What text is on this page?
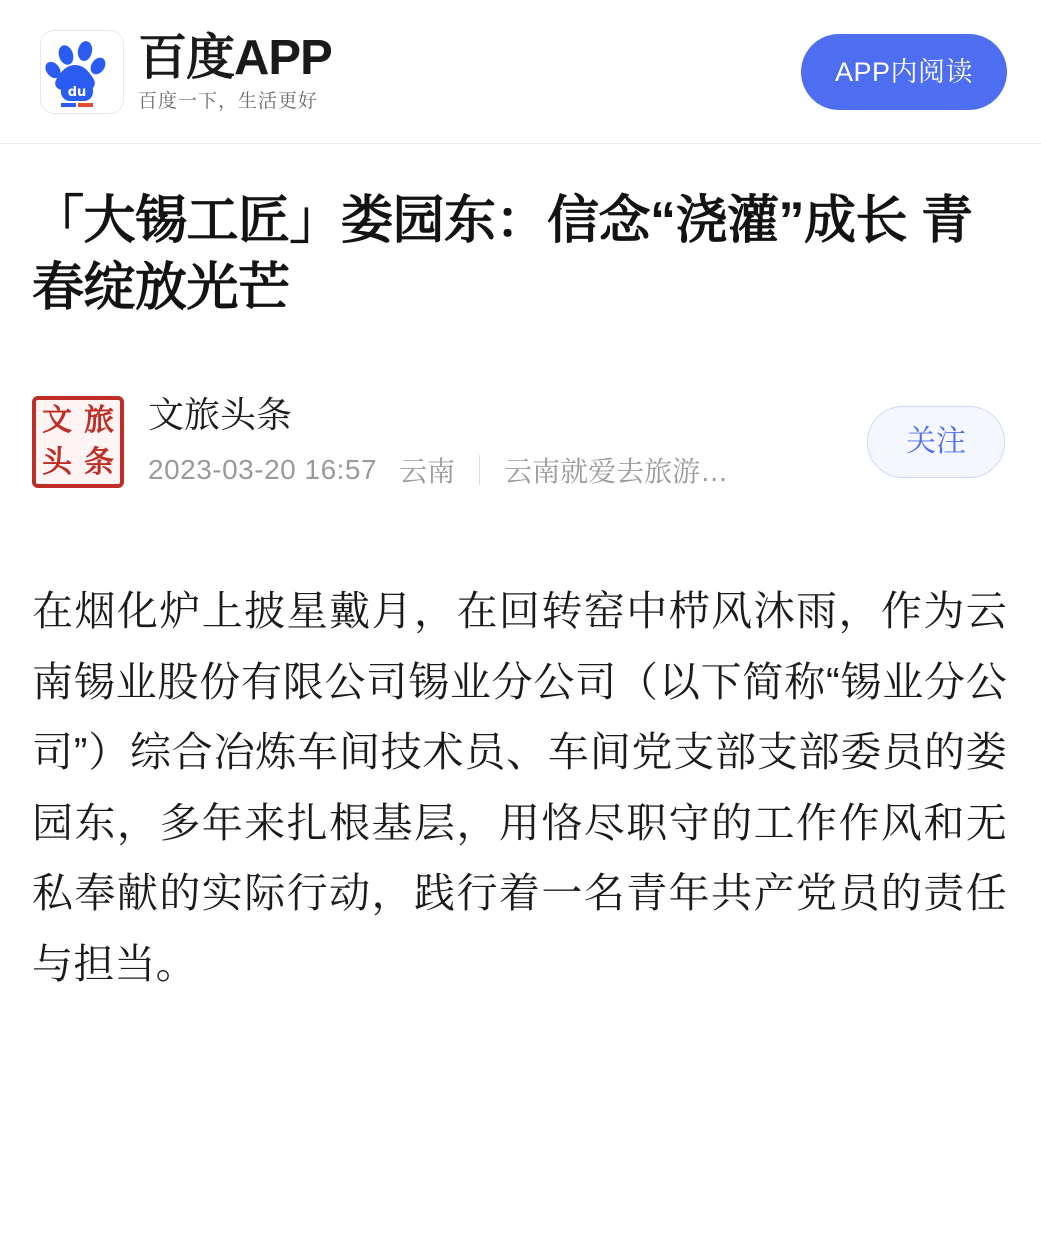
du
百度APP
百度一下，生活更好
APP内阅读
「大锡工匠」娄园东：信念“浇灌”成长 青春绽放光芒
文 旅
头 条
文旅头条
2023-03-20 16:57 云南 云南就爱去旅游…
关注

在烟化炉上披星戴月，在回转窑中栉风沐雨，作为云南锡业股份有限公司锡业分公司（以下简称“锡业分公司”）综合冶炼车间技术员、车间党支部支部委员的娄园东，多年来扎根基层，用恪尽职守的工作作风和无私奉献的实际行动，践行着一名青年共产党员的责任与担当。
